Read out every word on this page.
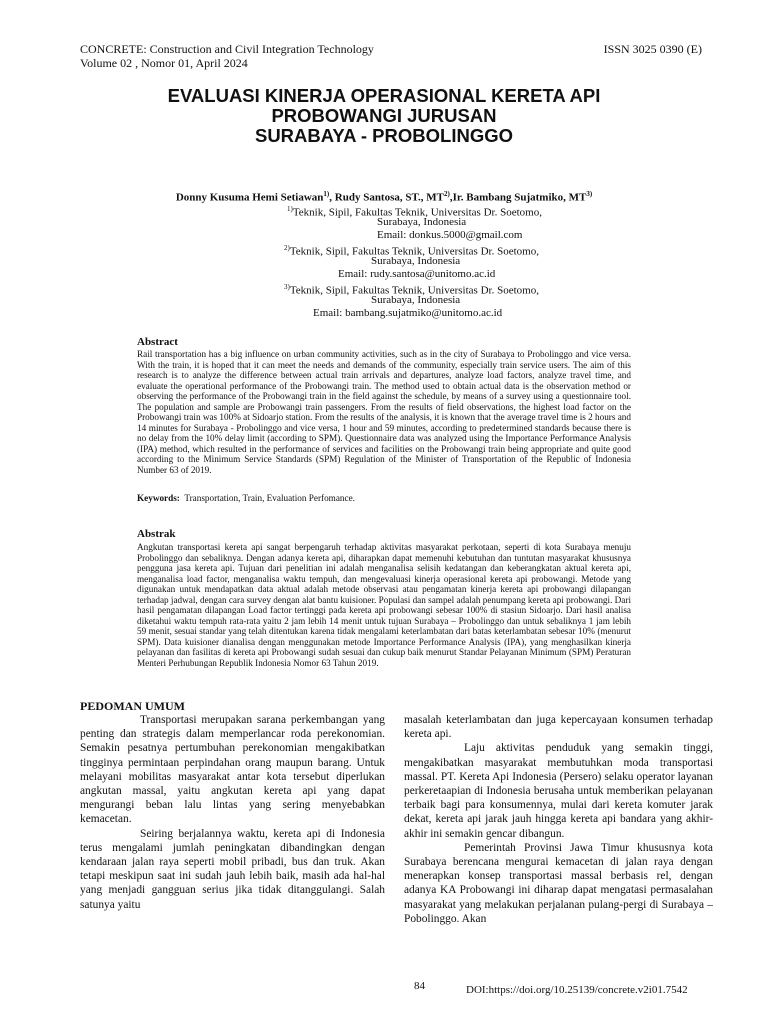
CONCRETE: Construction and Civil Integration Technology
Volume 02 , Nomor 01, April 2024
ISSN 3025 0390 (E)
EVALUASI KINERJA OPERASIONAL KERETA API
PROBOWANGI JURUSAN
SURABAYA - PROBOLINGGO
Donny Kusuma Hemi Setiawan$^{1)}$, Rudy Santosa, ST., MT$^{2)}$,Ir. Bambang Sujatmiko, MT$^{3)}$
$^{1)}$Teknik, Sipil, Fakultas Teknik, Universitas Dr. Soetomo,
Surabaya, Indonesia
Email: donkus.5000@gmail.com
$^{2)}$Teknik, Sipil, Fakultas Teknik, Universitas Dr. Soetomo,
Surabaya, Indonesia
Email: rudy.santosa@unitomo.ac.id
$^{3)}$Teknik, Sipil, Fakultas Teknik, Universitas Dr. Soetomo,
Surabaya, Indonesia
Email: bambang.sujatmiko@unitomo.ac.id
Abstract
Rail transportation has a big influence on urban community activities, such as in the city of Surabaya to Probolinggo and vice versa. With the train, it is hoped that it can meet the needs and demands of the community, especially train service users. The aim of this research is to analyze the difference between actual train arrivals and departures, analyze load factors, analyze travel time, and evaluate the operational performance of the Probowangi train. The method used to obtain actual data is the observation method or observing the performance of the Probowangi train in the field against the schedule, by means of a survey using a questionnaire tool. The population and sample are Probowangi train passengers. From the results of field observations, the highest load factor on the Probowangi train was 100% at Sidoarjo station. From the results of the analysis, it is known that the average travel time is 2 hours and 14 minutes for Surabaya - Probolinggo and vice versa, 1 hour and 59 minutes, according to predetermined standards because there is no delay from the 10% delay limit (according to SPM). Questionnaire data was analyzed using the Importance Performance Analysis (IPA) method, which resulted in the performance of services and facilities on the Probowangi train being appropriate and quite good according to the Minimum Service Standards (SPM) Regulation of the Minister of Transportation of the Republic of Indonesia Number 63 of 2019.
Keywords: Transportation, Train, Evaluation Perfomance.
Abstrak
Angkutan transportasi kereta api sangat berpengaruh terhadap aktivitas masyarakat perkotaan, seperti di kota Surabaya menuju Probolinggo dan sebaliknya. Dengan adanya kereta api, diharapkan dapat memenuhi kebutuhan dan tuntutan masyarakat khususnya pengguna jasa kereta api. Tujuan dari penelitian ini adalah menganalisa selisih kedatangan dan keberangkatan aktual kereta api, menganalisa load factor, menganalisa waktu tempuh, dan mengevaluasi kinerja operasional kereta api probowangi. Metode yang digunakan untuk mendapatkan data aktual adalah metode observasi atau pengamatan kinerja kereta api probowangi dilapangan terhadap jadwal, dengan cara survey dengan alat bantu kuisioner. Populasi dan sampel adalah penumpang kereta api probowangi. Dari hasil pengamatan dilapangan Load factor tertinggi pada kereta api probowangi sebesar 100% di stasiun Sidoarjo. Dari hasil analisa diketahui waktu tempuh rata-rata yaitu 2 jam lebih 14 menit untuk tujuan Surabaya – Probolinggo dan untuk sebaliknya 1 jam lebih 59 menit, sesuai standar yang telah ditentukan karena tidak mengalami keterlambatan dari batas keterlambatan sebesar 10% (menurut SPM). Data kuisioner dianalisa dengan menggunakan metode Importance Performance Analysis (IPA), yang menghasilkan kinerja pelayanan dan fasilitas di kereta api Probowangi sudah sesuai dan cukup baik menurut Standar Pelayanan Minimum (SPM) Peraturan Menteri Perhubungan Republik Indonesia Nomor 63 Tahun 2019.
PEDOMAN UMUM

Transportasi merupakan sarana perkembangan yang penting dan strategis dalam memperlancar roda perekonomian. Semakin pesatnya pertumbuhan perekonomian mengakibatkan tingginya permintaan perpindahan orang maupun barang. Untuk melayani mobilitas masyarakat antar kota tersebut diperlukan angkutan massal, yaitu angkutan kereta api yang dapat mengurangi beban lalu lintas yang sering menyebabkan kemacetan.

Seiring berjalannya waktu, kereta api di Indonesia terus mengalami jumlah peningkatan dibandingkan dengan kendaraan jalan raya seperti mobil pribadi, bus dan truk. Akan tetapi meskipun saat ini sudah jauh lebih baik, masih ada hal-hal yang menjadi gangguan serius jika tidak ditanggulangi. Salah satunya yaitu

masalah keterlambatan dan juga kepercayaan konsumen terhadap kereta api.

Laju aktivitas penduduk yang semakin tinggi, mengakibatkan masyarakat membutuhkan moda transportasi massal. PT. Kereta Api Indonesia (Persero) selaku operator layanan perkeretaapian di Indonesia berusaha untuk memberikan pelayanan terbaik bagi para konsumennya, mulai dari kereta komuter jarak dekat, kereta api jarak jauh hingga kereta api bandara yang akhir-akhir ini semakin gencar dibangun.

Pemerintah Provinsi Jawa Timur khususnya kota Surabaya berencana mengurai kemacetan di jalan raya dengan menerapkan konsep transportasi massal berbasis rel, dengan adanya KA Probowangi ini diharap dapat mengatasi permasalahan masyarakat yang melakukan perjalanan pulang-pergi di Surabaya – Pobolinggo. Akan

84	DOI:https://doi.org/10.25139/concrete.v2i01.7542
